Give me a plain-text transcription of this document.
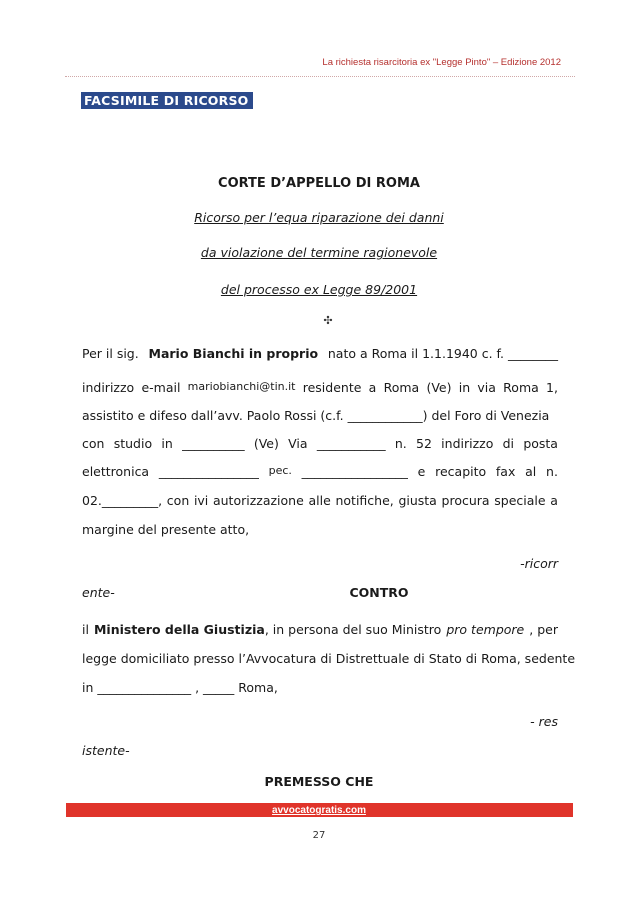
La richiesta risarcitoria ex "Legge Pinto" – Edizione 2012
FACSIMILE DI RICORSO
CORTE D’APPELLO DI ROMA
Ricorso per l’equa riparazione dei danni
da violazione del termine ragionevole
del processo ex Legge 89/2001
✣
Per il sig. Mario Bianchi in proprio nato a Roma il 1.1.1940 c. f. ________
indirizzo e-mail mariobianchi@tin.it residente a Roma (Ve) in via Roma 1,
assistito e difeso dall’avv. Paolo Rossi (c.f. ____________) del Foro di Venezia
con studio in __________ (Ve) Via ___________ n. 52 indirizzo di posta
elettronica ________________ pec. _________________ e recapito fax al n.
02._________, con ivi autorizzazione alle notifiche, giusta procura speciale a
margine del presente atto,
-ricorr
ente-	CONTRO
il Ministero della Giustizia, in persona del suo Ministro pro tempore , per
legge domiciliato presso l’Avvocatura di Distrettuale di Stato di Roma, sedente
in _______________ , _____ Roma,
- res
istente-
PREMESSO CHE
avvocatogratis.com
27
